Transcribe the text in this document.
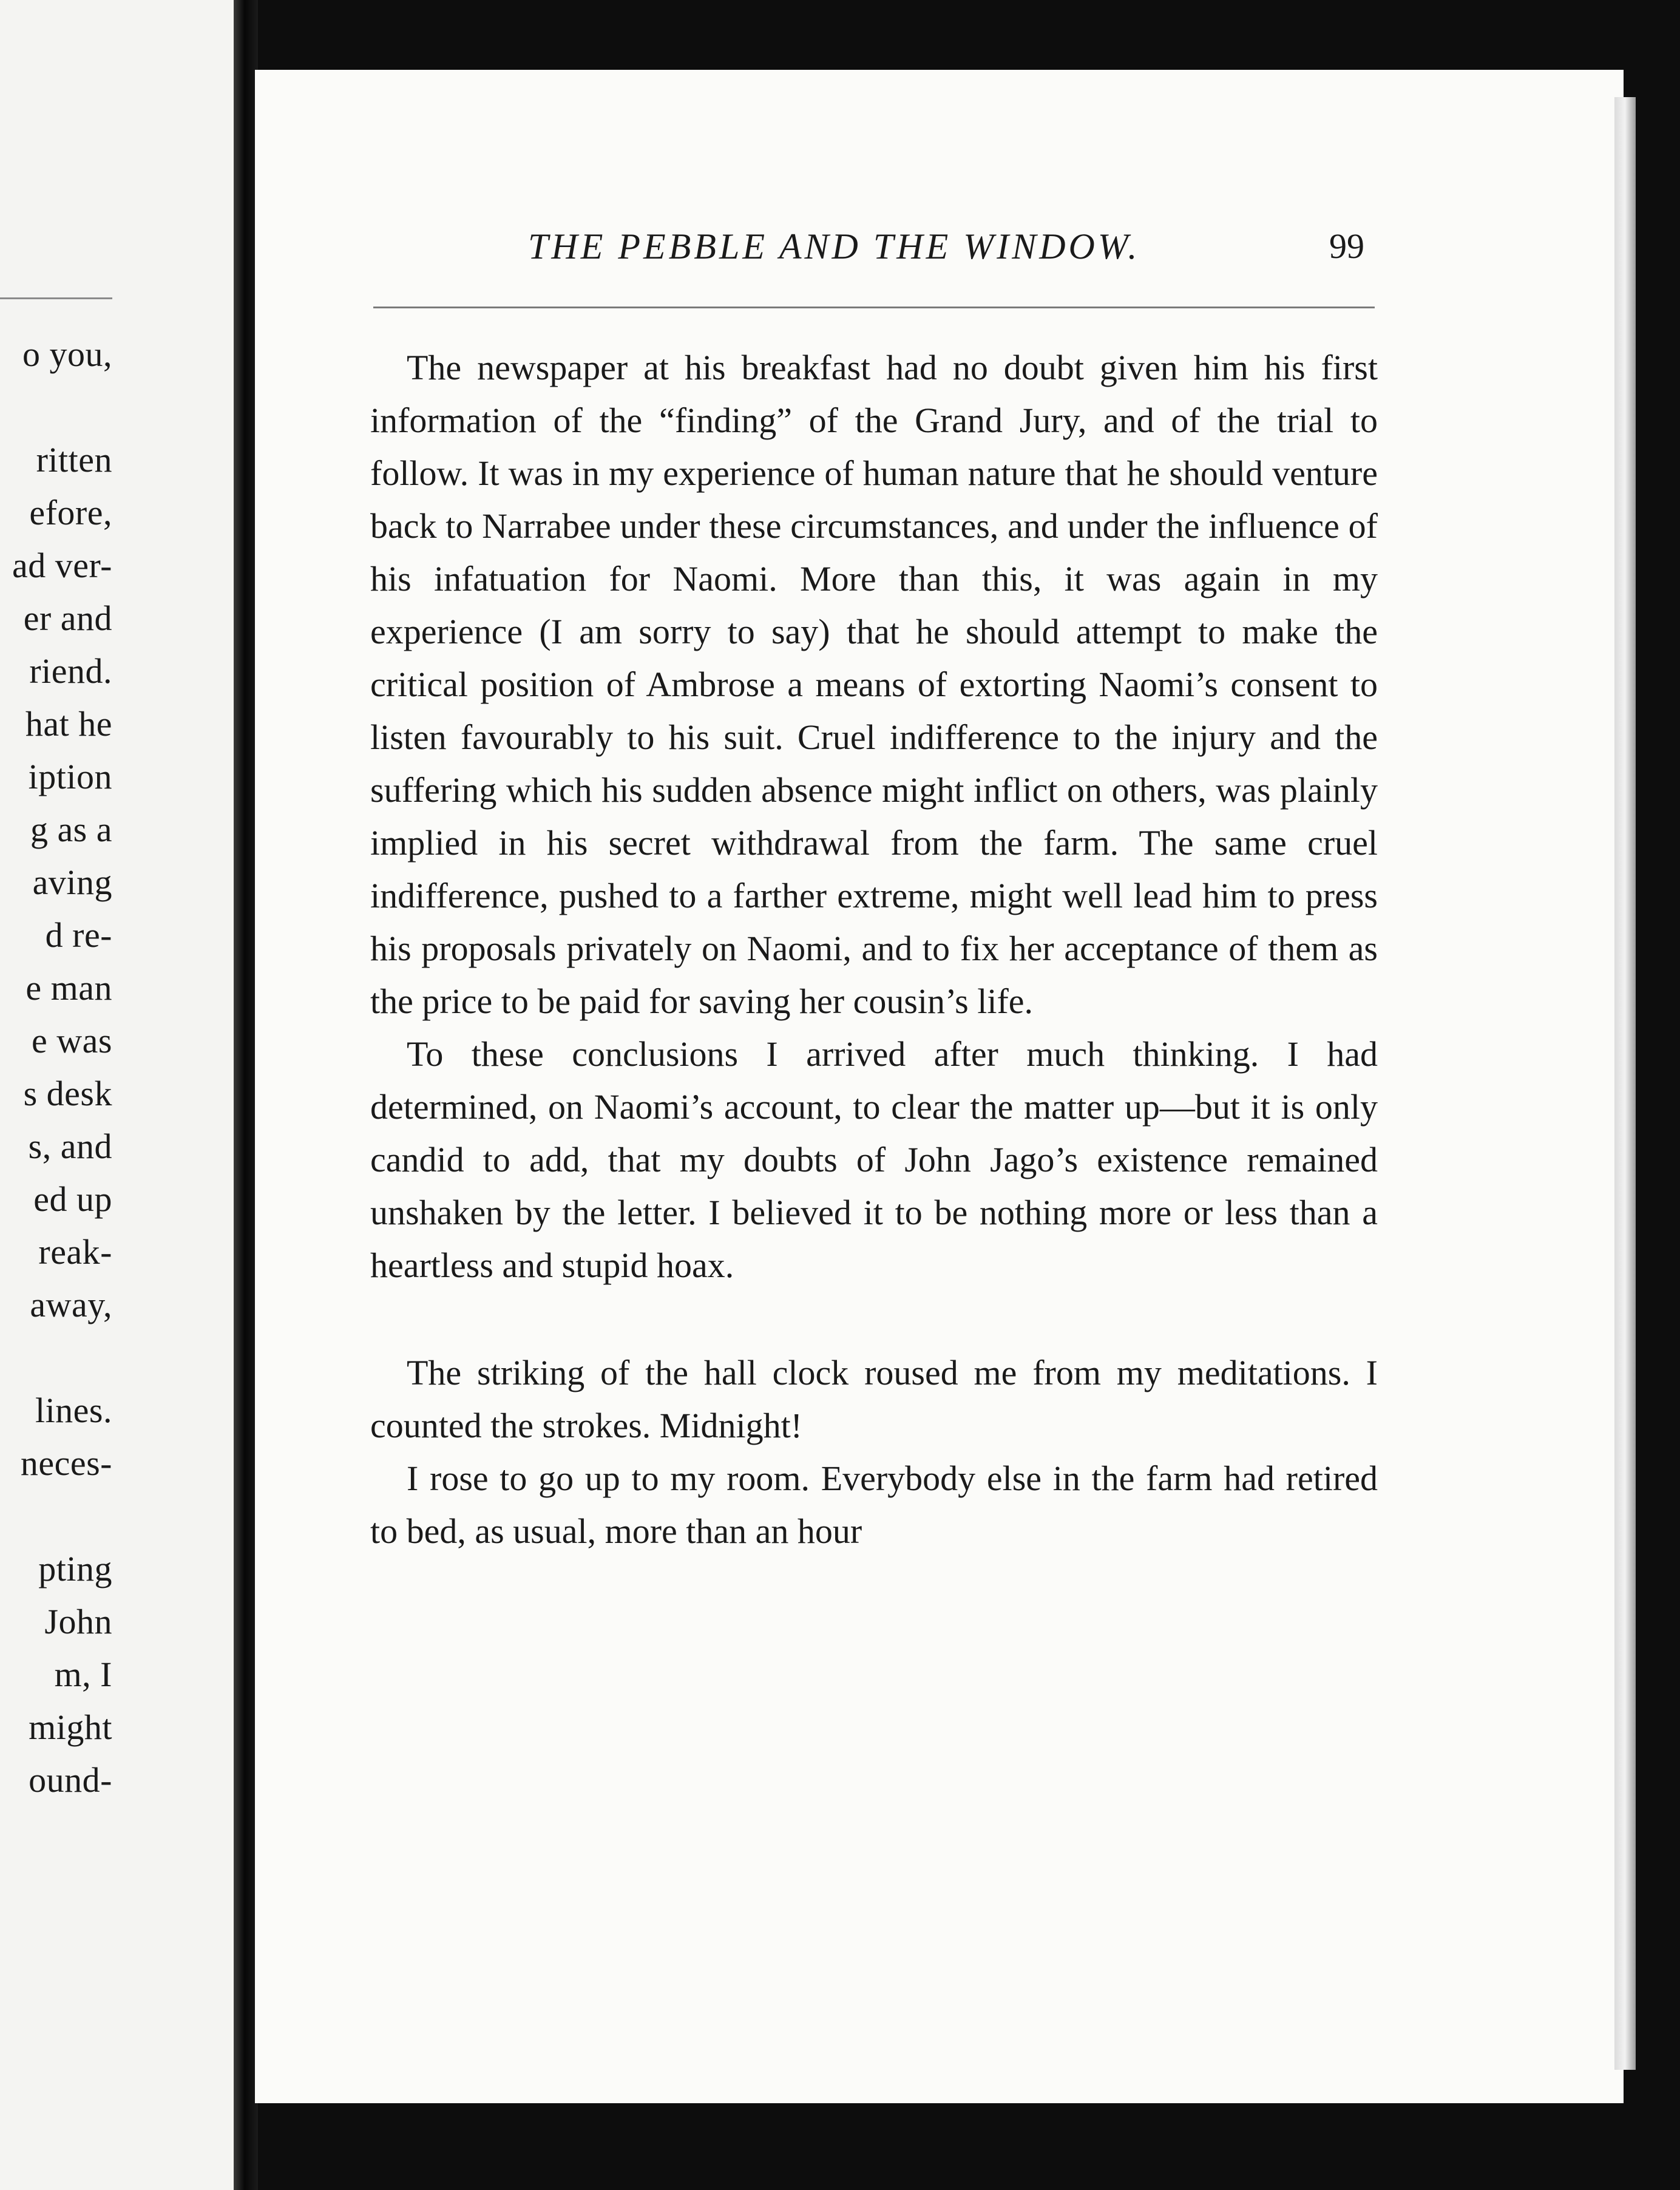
o you,
ritten
efore,
ad ver-
er and
riend.
hat he
iption
g as a
aving
d re-
e man
e was
s desk
s, and
ed up
reak-
away,
lines.
neces-
pting
John
m, I
might
ound-
THE PEBBLE AND THE WINDOW.	99

The newspaper at his breakfast had no doubt given him his first information of the “finding” of the Grand Jury, and of the trial to follow. It was in my experience of human nature that he should venture back to Narrabee under these circumstances, and under the influence of his infatuation for Naomi. More than this, it was again in my experience (I am sorry to say) that he should attempt to make the critical position of Ambrose a means of extorting Naomi’s consent to listen favourably to his suit. Cruel indifference to the injury and the suffering which his sudden absence might inflict on others, was plainly implied in his secret withdrawal from the farm. The same cruel indifference, pushed to a farther extreme, might well lead him to press his proposals privately on Naomi, and to fix her acceptance of them as the price to be paid for saving her cousin’s life.

To these conclusions I arrived after much thinking. I had determined, on Naomi’s account, to clear the matter up—but it is only candid to add, that my doubts of John Jago’s existence remained unshaken by the letter. I believed it to be nothing more or less than a heartless and stupid hoax.

The striking of the hall clock roused me from my meditations. I counted the strokes. Midnight!

I rose to go up to my room. Everybody else in the farm had retired to bed, as usual, more than an hour
